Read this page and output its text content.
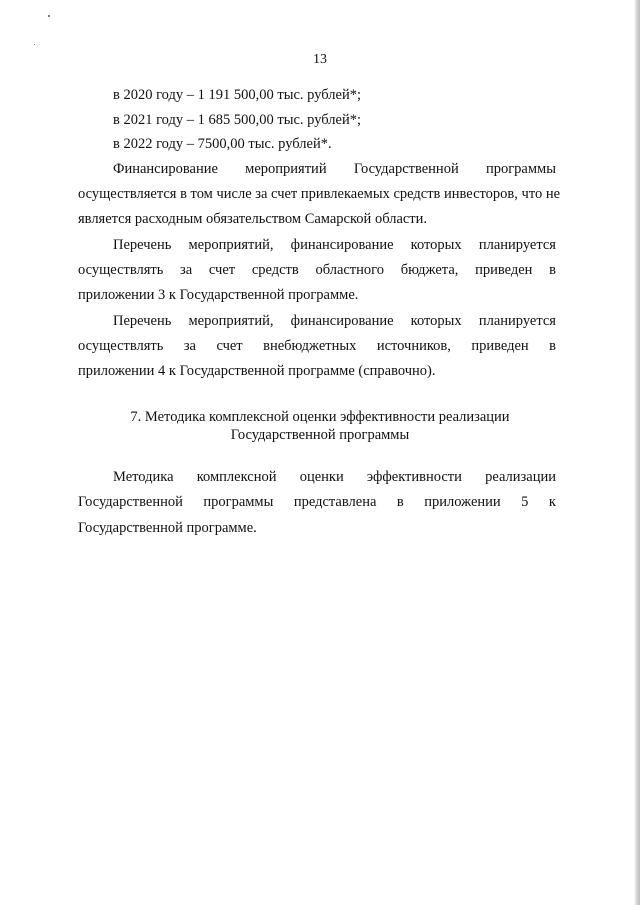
13
в 2020 году – 1 191 500,00 тыс. рублей*;
в 2021 году – 1 685 500,00 тыс. рублей*;
в 2022 году – 7500,00 тыс. рублей*.
Финансирование мероприятий Государственной программы
осуществляется в том числе за счет привлекаемых средств инвесторов, что не
является расходным обязательством Самарской области.
Перечень мероприятий, финансирование которых планируется
осуществлять за счет средств областного бюджета, приведен в
приложении 3 к Государственной программе.
Перечень мероприятий, финансирование которых планируется
осуществлять за счет внебюджетных источников, приведен в
приложении 4 к Государственной программе (справочно).
7. Методика комплексной оценки эффективности реализации
Государственной программы
Методика комплексной оценки эффективности реализации
Государственной программы представлена в приложении 5 к
Государственной программе.
